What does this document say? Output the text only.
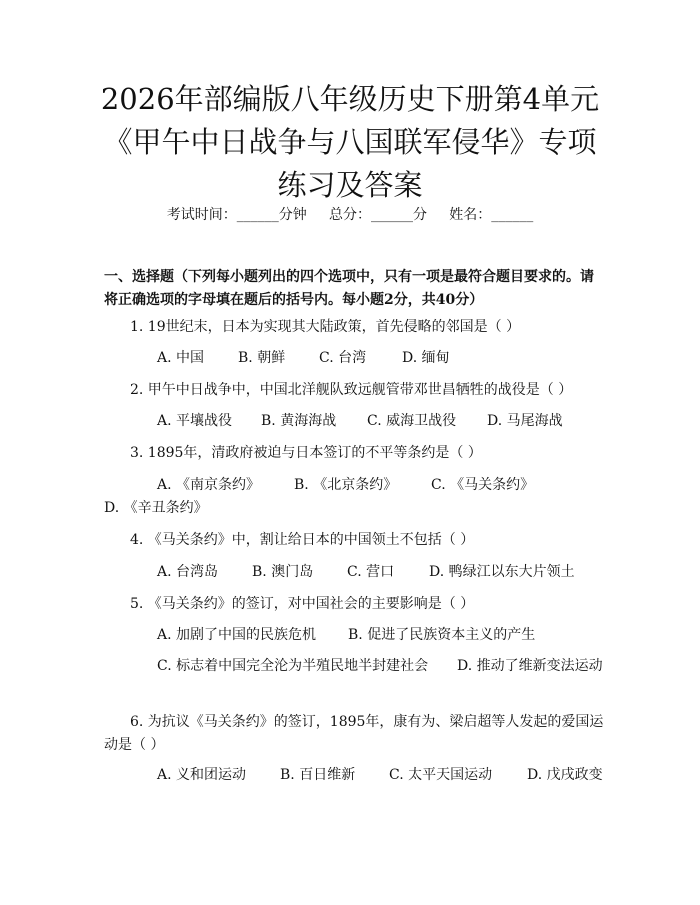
2026年部编版八年级历史下册第4单元《甲午中日战争与八国联军侵华》专项练习及答案
考试时间：______分钟     总分：______分     姓名：______

一、选择题（下列每小题列出的四个选项中，只有一项是最符合题目要求的。请将正确选项的字母填在题后的括号内。每小题2分，共40分）

1. 19世纪末，日本为实现其大陆政策，首先侵略的邻国是（ ）

A. 中国 B. 朝鲜 C. 台湾	D. 缅甸

2. 甲午中日战争中，中国北洋舰队致远舰管带邓世昌牺牲的战役是（ ）

A. 平壤战役 B. 黄海海战 C. 威海卫战役 D. 马尾海战

3. 1895年，清政府被迫与日本签订的不平等条约是（ ）

A. 《南京条约》 B. 《北京条约》 C. 《马关条约》D. 《辛丑条约》

4. 《马关条约》中，割让给日本的中国领土不包括（ ）

A. 台湾岛 B. 澳门岛 C. 营口 D. 鸭绿江以东大片领土

5. 《马关条约》的签订，对中国社会的主要影响是（ ）

A. 加剧了中国的民族危机 B. 促进了民族资本主义的产生
C. 标志着中国完全沦为半殖民地半封建社会 D. 推动了维新变法运动

6. 为抗议《马关条约》的签订，1895年，康有为、梁启超等人发起的爱国运动是（ ）

A. 义和团运动 B. 百日维新 C. 太平天国运动 D. 戊戌政变
